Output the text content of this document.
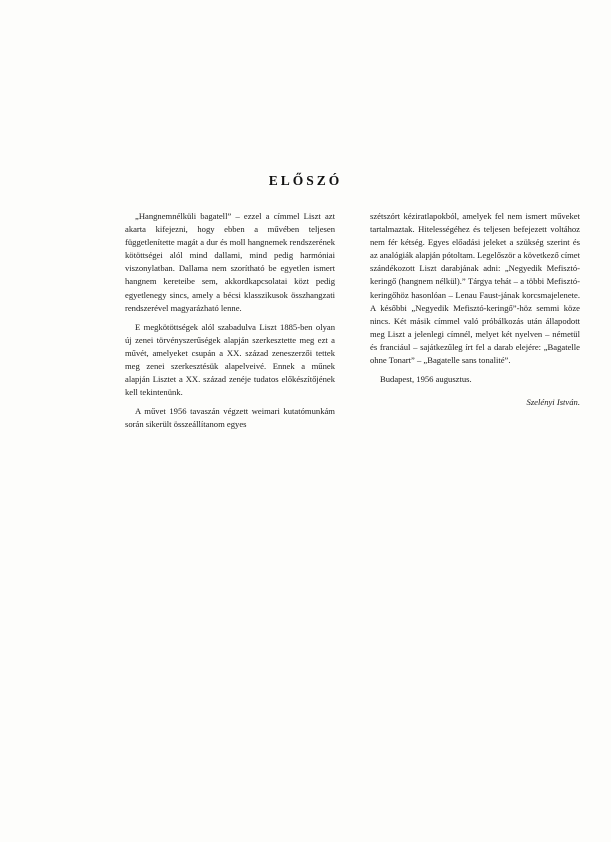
ELŐSZÓ

„Hangnemnélküli bagatell” – ezzel a címmel Liszt azt akarta kifejezni, hogy ebben a művében teljesen függetlenítette magát a dur és moll hangnemek rendszerének kötöttségei alól mind dallami, mind pedig harmóniai viszonylatban. Dallama nem szorítható be egyetlen ismert hangnem kereteibe sem, akkordkapcsolatai közt pedig egyetlenegy sincs, amely a bécsi klasszikusok összhangzati rendszerével magyarázható lenne.

E megkötöttségek alól szabadulva Liszt 1885-ben olyan új zenei törvényszerűségek alapján szerkesztette meg ezt a művét, amelyeket csupán a XX. század zeneszerzői tettek meg zenei szerkesztésük alapelveivé. Ennek a műnek alapján Lisztet a XX. század zenéje tudatos előkészítőjének kell tekintenünk.

A művet 1956 tavaszán végzett weimari kutatómunkám során sikerült összeállítanom egyes

szétszórt kéziratlapokból, amelyek fel nem ismert műveket tartalmaztak. Hitelességéhez és teljesen befejezett voltához nem fér kétség. Egyes előadási jeleket a szükség szerint és az analógiák alapján pótoltam. Legelőször a következő címet szándékozott Liszt darabjának adni: „Negyedik Mefisztó-keringő (hangnem nélkül).” Tárgya tehát – a többi Mefisztó-keringőhöz hasonlóan – Lenau Faust-jának korcsmajelenete. A későbbi „Negyedik Mefisztó-keringő”-höz semmi köze nincs. Két másik címmel való próbálkozás után állapodott meg Liszt a jelenlegi címnél, melyet két nyelven – németül és franciául – sajátkezűleg írt fel a darab elejére: „Bagatelle ohne Tonart” – „Bagatelle sans tonalité”.

Budapest, 1956 augusztus.

Szelényi István.
